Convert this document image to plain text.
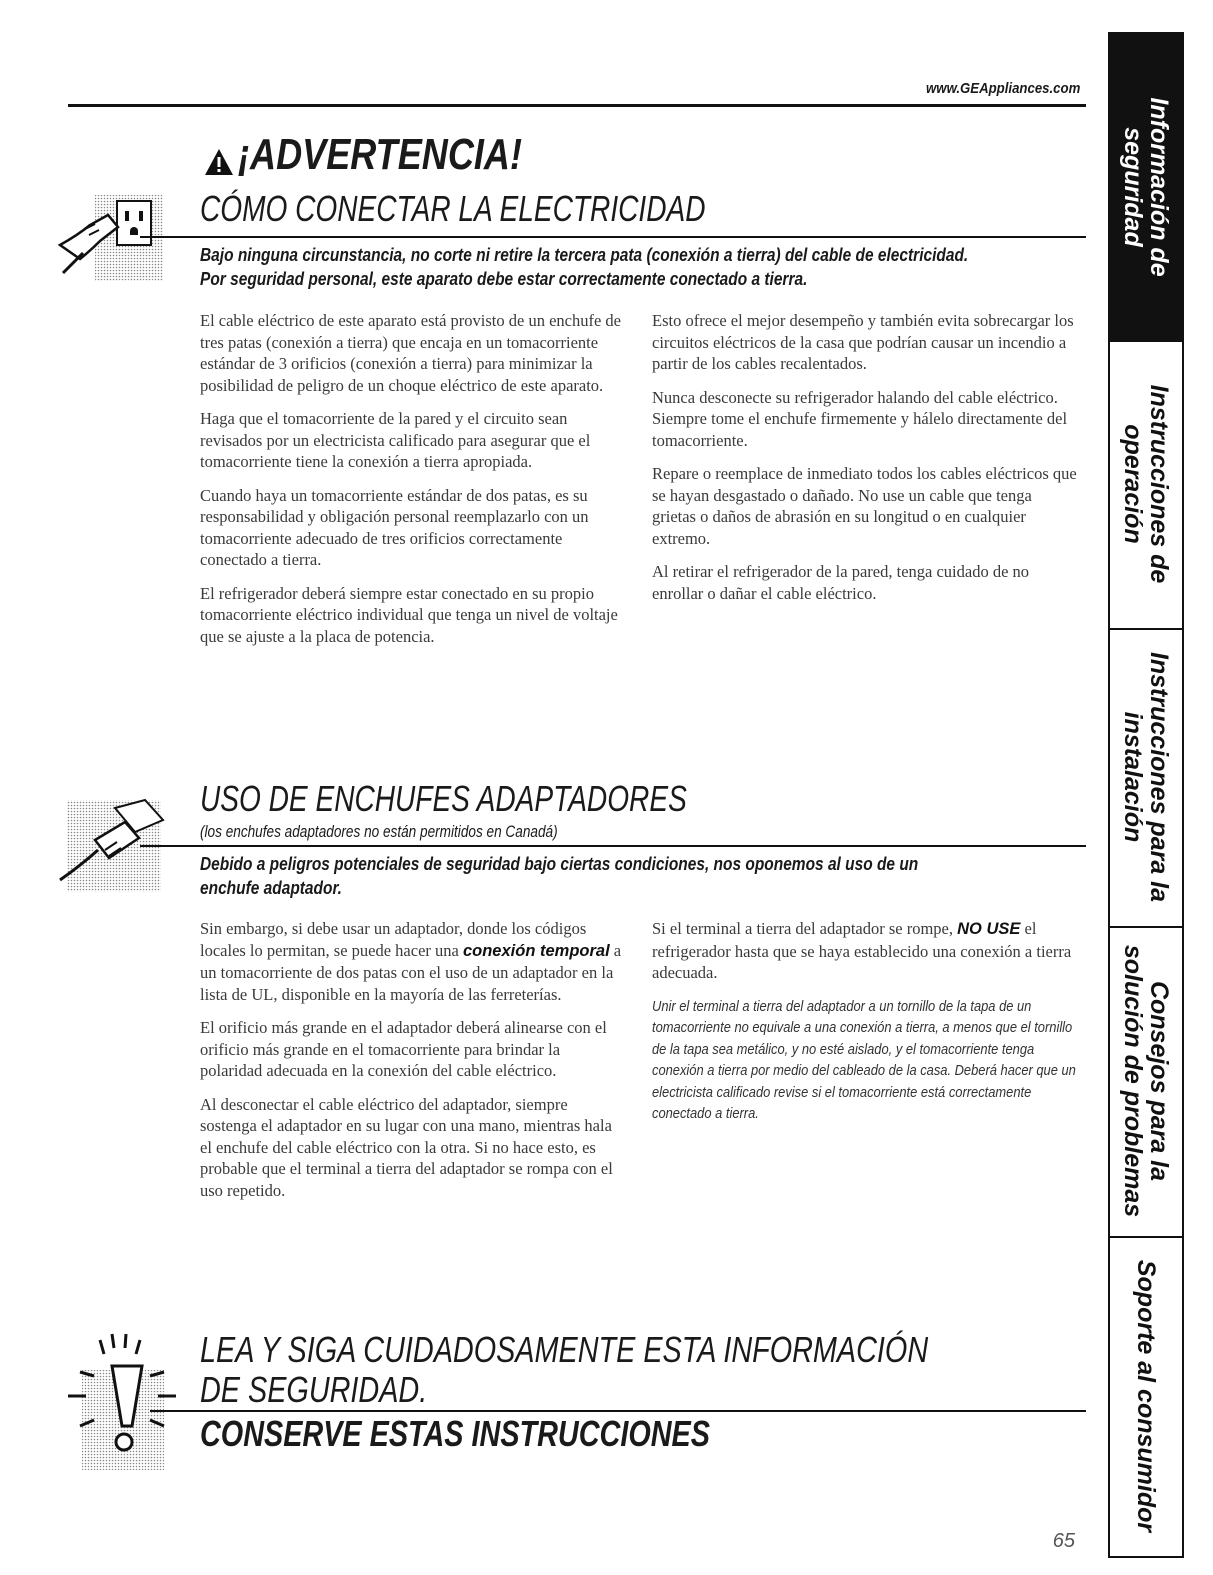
www.GEAppliances.com
¡ADVERTENCIA!
CÓMO CONECTAR LA ELECTRICIDAD
Bajo ninguna circunstancia, no corte ni retire la tercera pata (conexión a tierra) del cable de electricidad.
Por seguridad personal, este aparato debe estar correctamente conectado a tierra.

El cable eléctrico de este aparato está provisto de un enchufe de tres patas (conexión a tierra) que encaja en un tomacorriente estándar de 3 orificios (conexión a tierra) para minimizar la posibilidad de peligro de un choque eléctrico de este aparato.

Haga que el tomacorriente de la pared y el circuito sean revisados por un electricista calificado para asegurar que el tomacorriente tiene la conexión a tierra apropiada.

Cuando haya un tomacorriente estándar de dos patas, es su responsabilidad y obligación personal reemplazarlo con un tomacorriente adecuado de tres orificios correctamente conectado a tierra.

El refrigerador deberá siempre estar conectado en su propio tomacorriente eléctrico individual que tenga un nivel de voltaje que se ajuste a la placa de potencia.

Esto ofrece el mejor desempeño y también evita sobrecargar los circuitos eléctricos de la casa que podrían causar un incendio a partir de los cables recalentados.

Nunca desconecte su refrigerador halando del cable eléctrico. Siempre tome el enchufe firmemente y hálelo directamente del tomacorriente.

Repare o reemplace de inmediato todos los cables eléctricos que se hayan desgastado o dañado. No use un cable que tenga grietas o daños de abrasión en su longitud o en cualquier extremo.

Al retirar el refrigerador de la pared, tenga cuidado de no enrollar o dañar el cable eléctrico.

USO DE ENCHUFES ADAPTADORES
(los enchufes adaptadores no están permitidos en Canadá)
Debido a peligros potenciales de seguridad bajo ciertas condiciones, nos oponemos al uso de un
enchufe adaptador.

Sin embargo, si debe usar un adaptador, donde los códigos locales lo permitan, se puede hacer una conexión temporal a un tomacorriente de dos patas con el uso de un adaptador en la lista de UL, disponible en la mayoría de las ferreterías.

El orificio más grande en el adaptador deberá alinearse con el orificio más grande en el tomacorriente para brindar la polaridad adecuada en la conexión del cable eléctrico.

Al desconectar el cable eléctrico del adaptador, siempre sostenga el adaptador en su lugar con una mano, mientras hala el enchufe del cable eléctrico con la otra. Si no hace esto, es probable que el terminal a tierra del adaptador se rompa con el uso repetido.

Si el terminal a tierra del adaptador se rompe, NO USE el refrigerador hasta que se haya establecido una conexión a tierra adecuada.

Unir el terminal a tierra del adaptador a un tornillo de la tapa de un tomacorriente no equivale a una conexión a tierra, a menos que el tornillo de la tapa sea metálico, y no esté aislado, y el tomacorriente tenga conexión a tierra por medio del cableado de la casa. Deberá hacer que un electricista calificado revise si el tomacorriente está correctamente conectado a tierra.

LEA Y SIGA CUIDADOSAMENTE ESTA INFORMACIÓN
DE SEGURIDAD.
CONSERVE ESTAS INSTRUCCIONES
65
Información de seguridad
Instrucciones de operación
Instrucciones para la instalación
Consejos para la solución de problemas
Soporte al consumidor
